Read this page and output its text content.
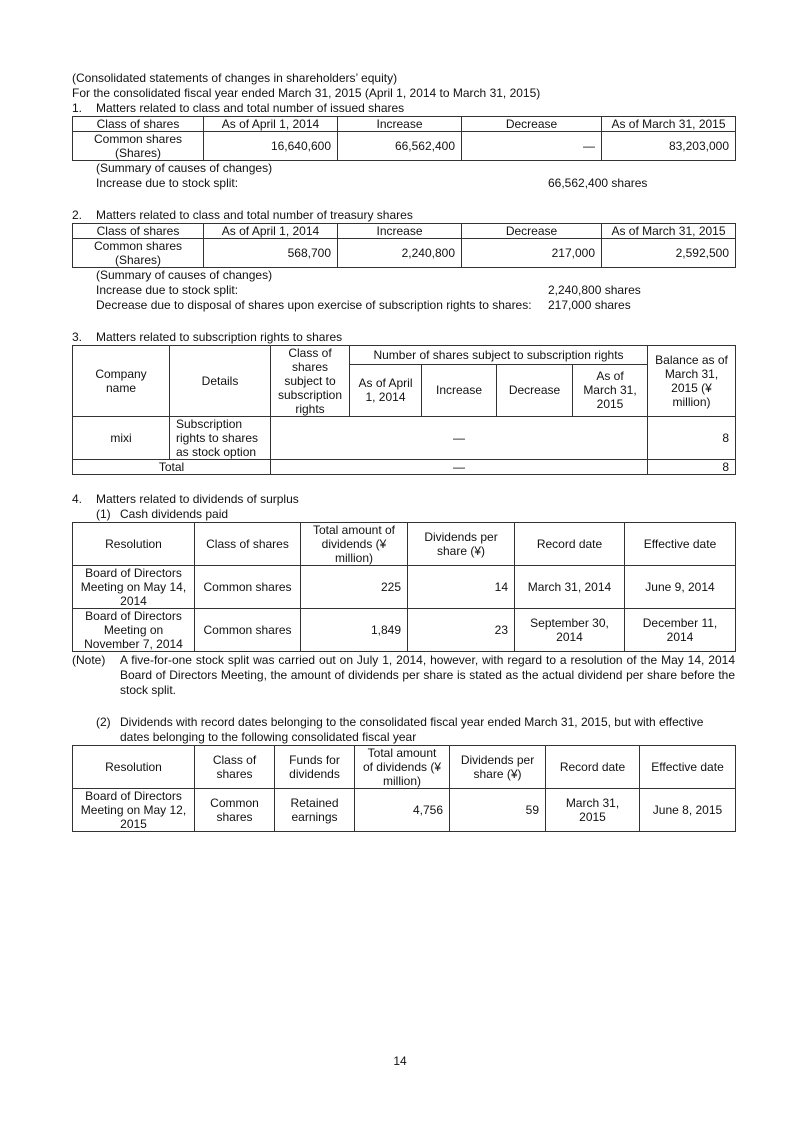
(Consolidated statements of changes in shareholders’ equity)
For the consolidated fiscal year ended March 31, 2015 (April 1, 2014 to March 31, 2015)
1. Matters related to class and total number of issued shares
Class of shares	As of April 1, 2014	Increase	Decrease	As of March 31, 2015
Common shares (Shares)	16,640,600	66,562,400	—	83,203,000
(Summary of causes of changes)
Increase due to stock split:	66,562,400 shares
2. Matters related to class and total number of treasury shares
Class of shares	As of April 1, 2014	Increase	Decrease	As of March 31, 2015
Common shares (Shares)	568,700	2,240,800	217,000	2,592,500
(Summary of causes of changes)
Increase due to stock split:	2,240,800 shares
Decrease due to disposal of shares upon exercise of subscription rights to shares:	217,000 shares
3. Matters related to subscription rights to shares
Company name	Details	Class of shares subject to subscription rights	Number of shares subject to subscription rights				Balance as of March 31, 2015 (¥ million)
			As of April 1, 2014	Increase	Decrease	As of March 31, 2015	
mixi	Subscription rights to shares as stock option	—					8
Total		—					8
4. Matters related to dividends of surplus
(1) Cash dividends paid
Resolution	Class of shares	Total amount of dividends (¥ million)	Dividends per share (¥)	Record date	Effective date
Board of Directors Meeting on May 14, 2014	Common shares	225	14	March 31, 2014	June 9, 2014
Board of Directors Meeting on November 7, 2014	Common shares	1,849	23	September 30, 2014	December 11, 2014
(Note)	A five-for-one stock split was carried out on July 1, 2014, however, with regard to a resolution of the May 14, 2014 Board of Directors Meeting, the amount of dividends per share is stated as the actual dividend per share before the stock split.
(2) Dividends with record dates belonging to the consolidated fiscal year ended March 31, 2015, but with effective dates belonging to the following consolidated fiscal year
Resolution	Class of shares	Funds for dividends	Total amount of dividends (¥ million)	Dividends per share (¥)	Record date	Effective date
Board of Directors Meeting on May 12, 2015	Common shares	Retained earnings	4,756	59	March 31, 2015	June 8, 2015
14
